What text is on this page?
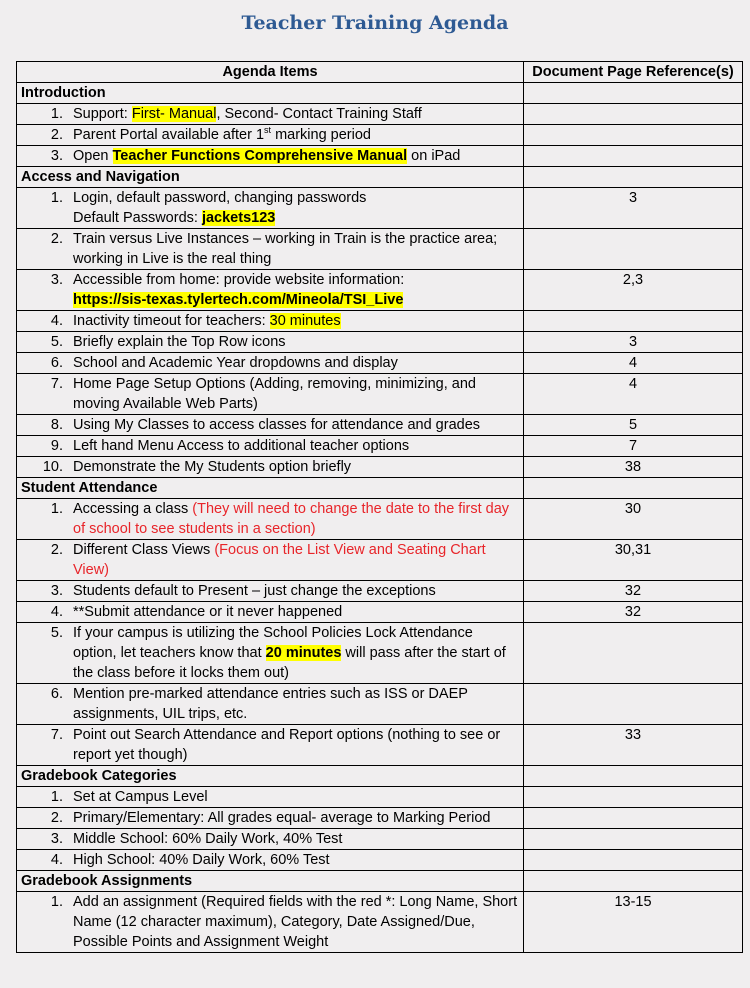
Teacher Training Agenda
Agenda Items	Document Page Reference(s)
Introduction	

1. Support: First- Manual, Second- Contact Training Staff	

2. Parent Portal available after 1st marking period	

3. Open Teacher Functions Comprehensive Manual on iPad	

Access and Navigation	

1. Login, default password, changing passwords
Default Passwords: jackets123	3

2. Train versus Live Instances – working in Train is the practice area; working in Live is the real thing	

3. Accessible from home: provide website information:
https://sis-texas.tylertech.com/Mineola/TSI_Live	2,3

4. Inactivity timeout for teachers: 30 minutes	

5. Briefly explain the Top Row icons	3

6. School and Academic Year dropdowns and display	4

7. Home Page Setup Options (Adding, removing, minimizing, and moving Available Web Parts)	4

8. Using My Classes to access classes for attendance and grades	5

9. Left hand Menu Access to additional teacher options	7

10. Demonstrate the My Students option briefly	38
Student Attendance	

1. Accessing a class (They will need to change the date to the first day of school to see students in a section)	30

2. Different Class Views (Focus on the List View and Seating Chart View)	30,31

3. Students default to Present – just change the exceptions	32

4. **Submit attendance or it never happened	32

5. If your campus is utilizing the School Policies Lock Attendance option, let teachers know that 20 minutes will pass after the start of the class before it locks them out)	

6. Mention pre-marked attendance entries such as ISS or DAEP assignments, UIL trips, etc.	

7. Point out Search Attendance and Report options (nothing to see or report yet though)	33
Gradebook Categories	

1. Set at Campus Level	

2. Primary/Elementary: All grades equal- average to Marking Period	

3. Middle School: 60% Daily Work, 40% Test	

4. High School: 40% Daily Work, 60% Test	

Gradebook Assignments	

1. Add an assignment (Required fields with the red *: Long Name, Short Name (12 character maximum), Category, Date Assigned/Due, Possible Points and Assignment Weight	13-15
